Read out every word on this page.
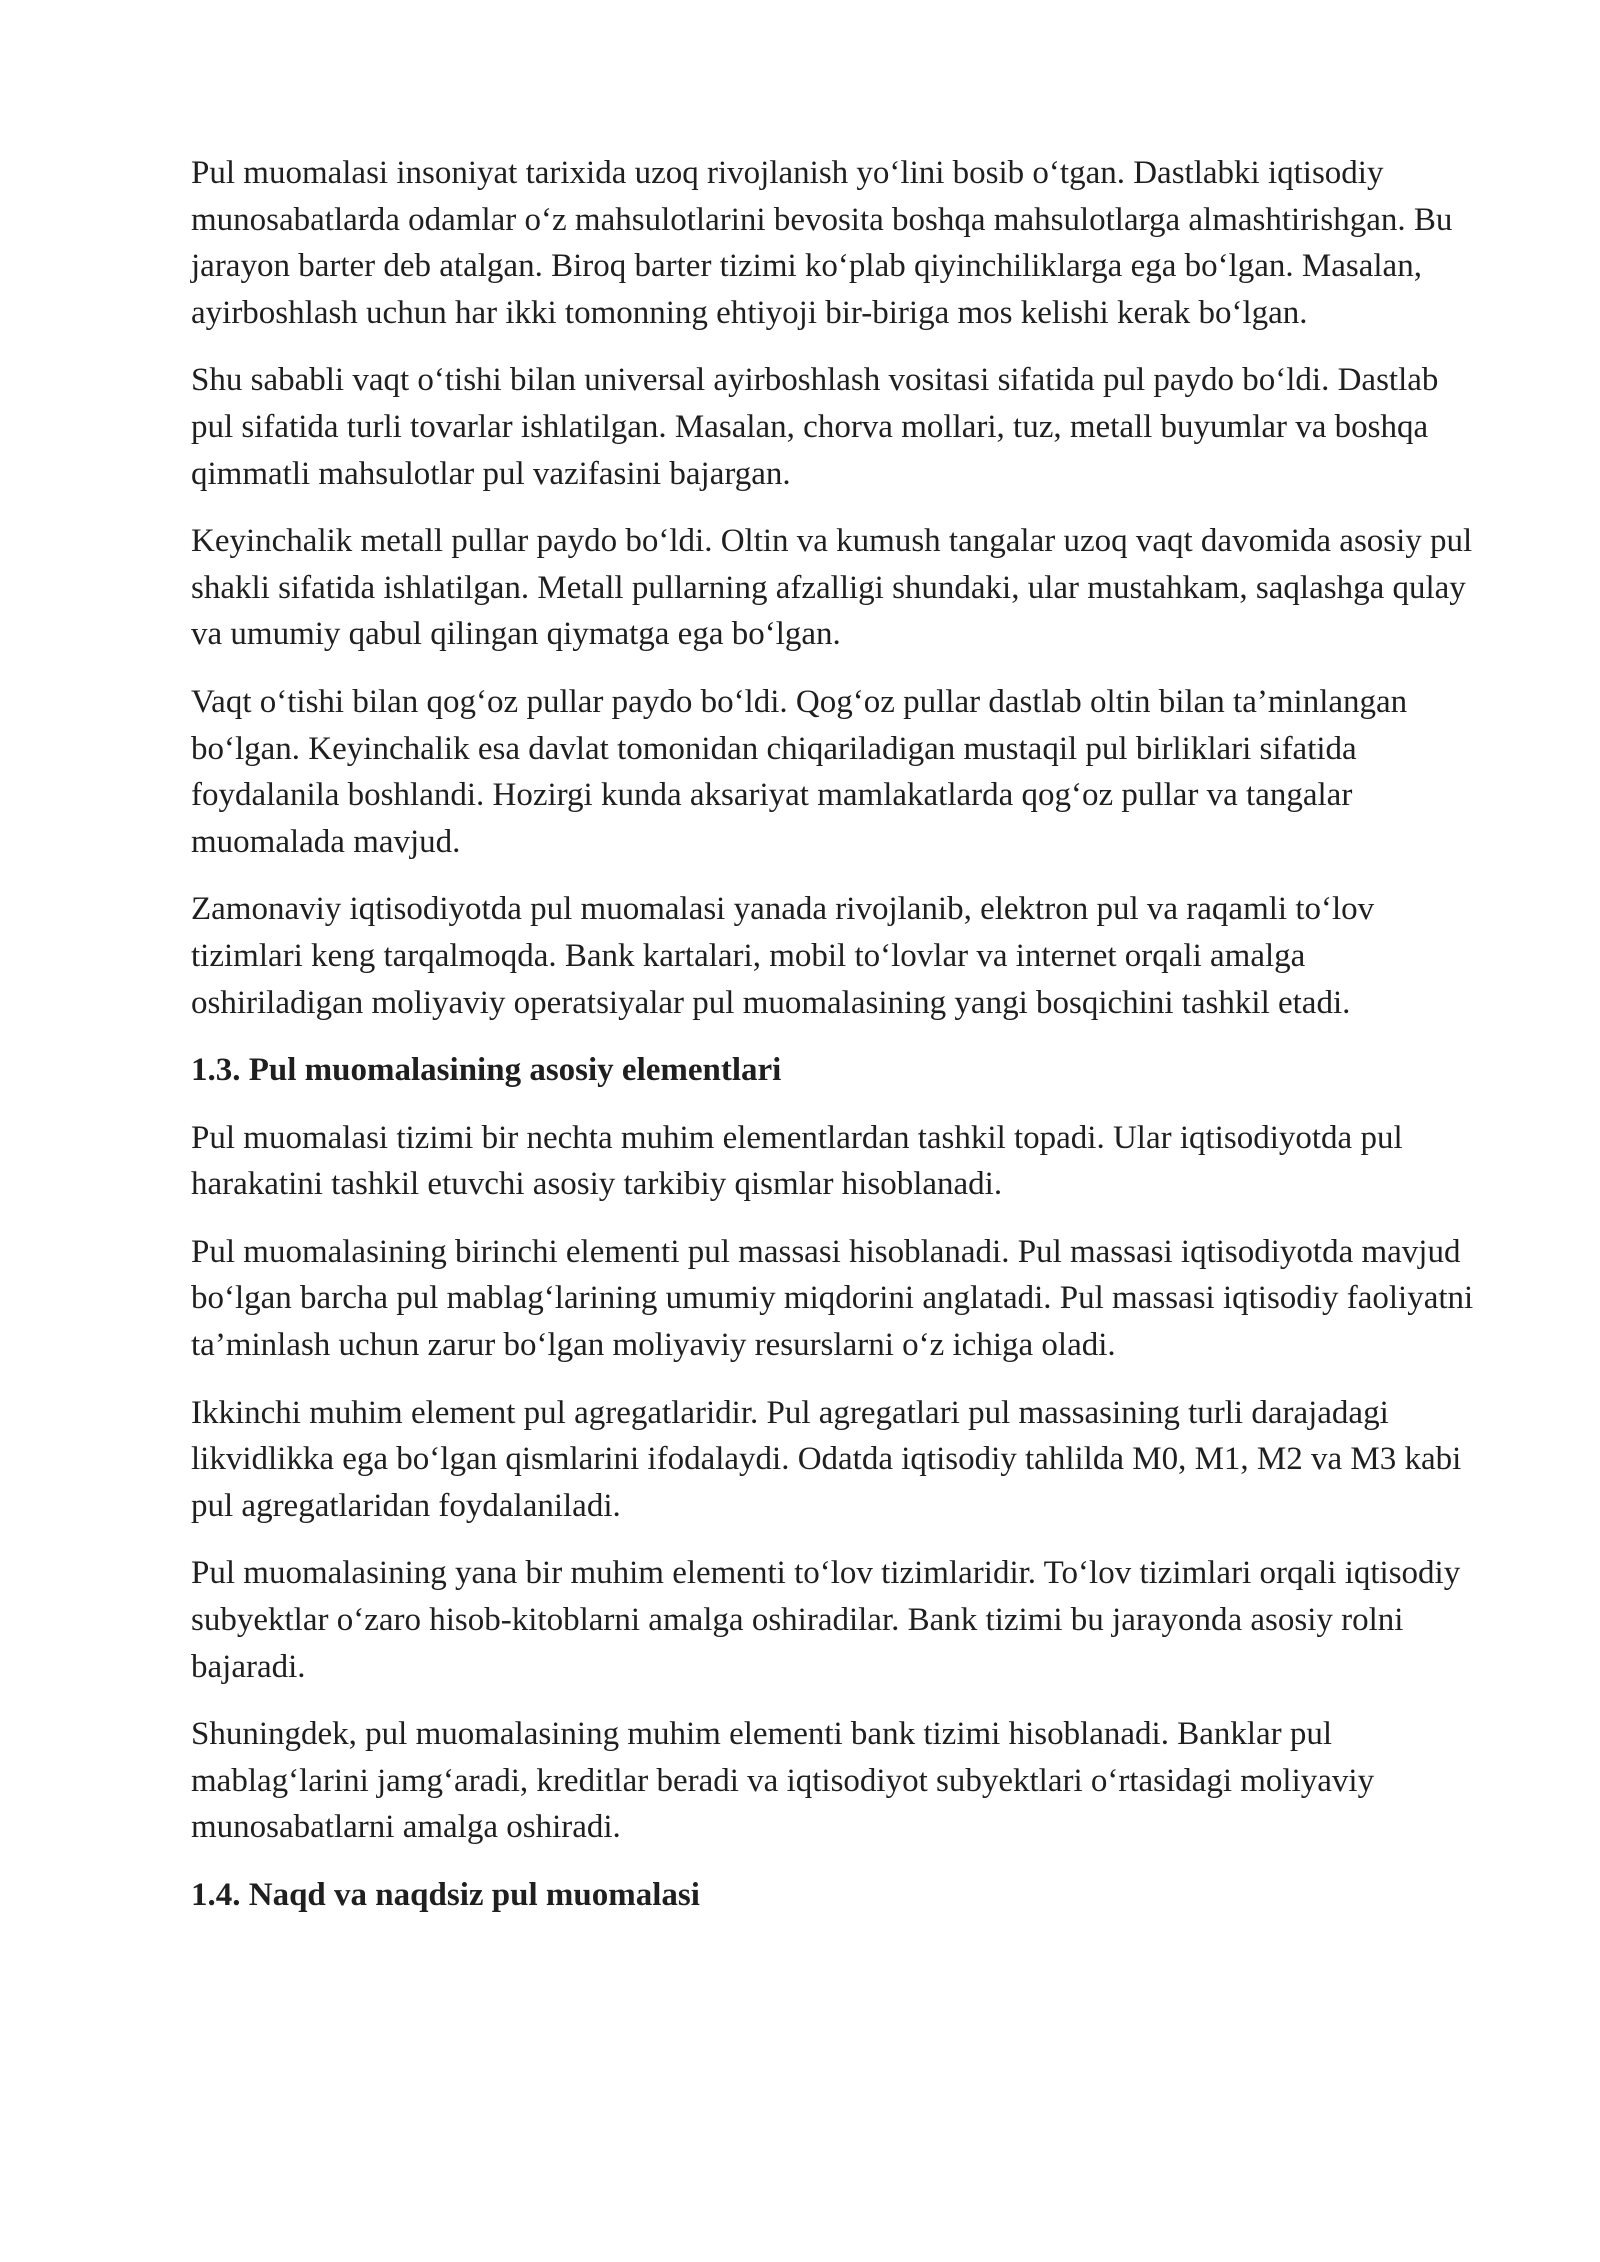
Pul muomalasi insoniyat tarixida uzoq rivojlanish yo‘lini bosib o‘tgan. Dastlabki iqtisodiy munosabatlarda odamlar o‘z mahsulotlarini bevosita boshqa mahsulotlarga almashtirishgan. Bu jarayon barter deb atalgan. Biroq barter tizimi ko‘plab qiyinchiliklarga ega bo‘lgan. Masalan, ayirboshlash uchun har ikki tomonning ehtiyoji bir-biriga mos kelishi kerak bo‘lgan.

Shu sababli vaqt o‘tishi bilan universal ayirboshlash vositasi sifatida pul paydo bo‘ldi. Dastlab pul sifatida turli tovarlar ishlatilgan. Masalan, chorva mollari, tuz, metall buyumlar va boshqa qimmatli mahsulotlar pul vazifasini bajargan.

Keyinchalik metall pullar paydo bo‘ldi. Oltin va kumush tangalar uzoq vaqt davomida asosiy pul shakli sifatida ishlatilgan. Metall pullarning afzalligi shundaki, ular mustahkam, saqlashga qulay va umumiy qabul qilingan qiymatga ega bo‘lgan.

Vaqt o‘tishi bilan qog‘oz pullar paydo bo‘ldi. Qog‘oz pullar dastlab oltin bilan ta’minlangan bo‘lgan. Keyinchalik esa davlat tomonidan chiqariladigan mustaqil pul birliklari sifatida foydalanila boshlandi. Hozirgi kunda aksariyat mamlakatlarda qog‘oz pullar va tangalar muomalada mavjud.

Zamonaviy iqtisodiyotda pul muomalasi yanada rivojlanib, elektron pul va raqamli to‘lov tizimlari keng tarqalmoqda. Bank kartalari, mobil to‘lovlar va internet orqali amalga oshiriladigan moliyaviy operatsiyalar pul muomalasining yangi bosqichini tashkil etadi.

1.3. Pul muomalasining asosiy elementlari

Pul muomalasi tizimi bir nechta muhim elementlardan tashkil topadi. Ular iqtisodiyotda pul harakatini tashkil etuvchi asosiy tarkibiy qismlar hisoblanadi.

Pul muomalasining birinchi elementi pul massasi hisoblanadi. Pul massasi iqtisodiyotda mavjud bo‘lgan barcha pul mablag‘larining umumiy miqdorini anglatadi. Pul massasi iqtisodiy faoliyatni ta’minlash uchun zarur bo‘lgan moliyaviy resurslarni o‘z ichiga oladi.

Ikkinchi muhim element pul agregatlaridir. Pul agregatlari pul massasining turli darajadagi likvidlikka ega bo‘lgan qismlarini ifodalaydi. Odatda iqtisodiy tahlilda M0, M1, M2 va M3 kabi pul agregatlaridan foydalaniladi.

Pul muomalasining yana bir muhim elementi to‘lov tizimlaridir. To‘lov tizimlari orqali iqtisodiy subyektlar o‘zaro hisob-kitoblarni amalga oshiradilar. Bank tizimi bu jarayonda asosiy rolni bajaradi.

Shuningdek, pul muomalasining muhim elementi bank tizimi hisoblanadi. Banklar pul mablag‘larini jamg‘aradi, kreditlar beradi va iqtisodiyot subyektlari o‘rtasidagi moliyaviy munosabatlarni amalga oshiradi.

1.4. Naqd va naqdsiz pul muomalasi
